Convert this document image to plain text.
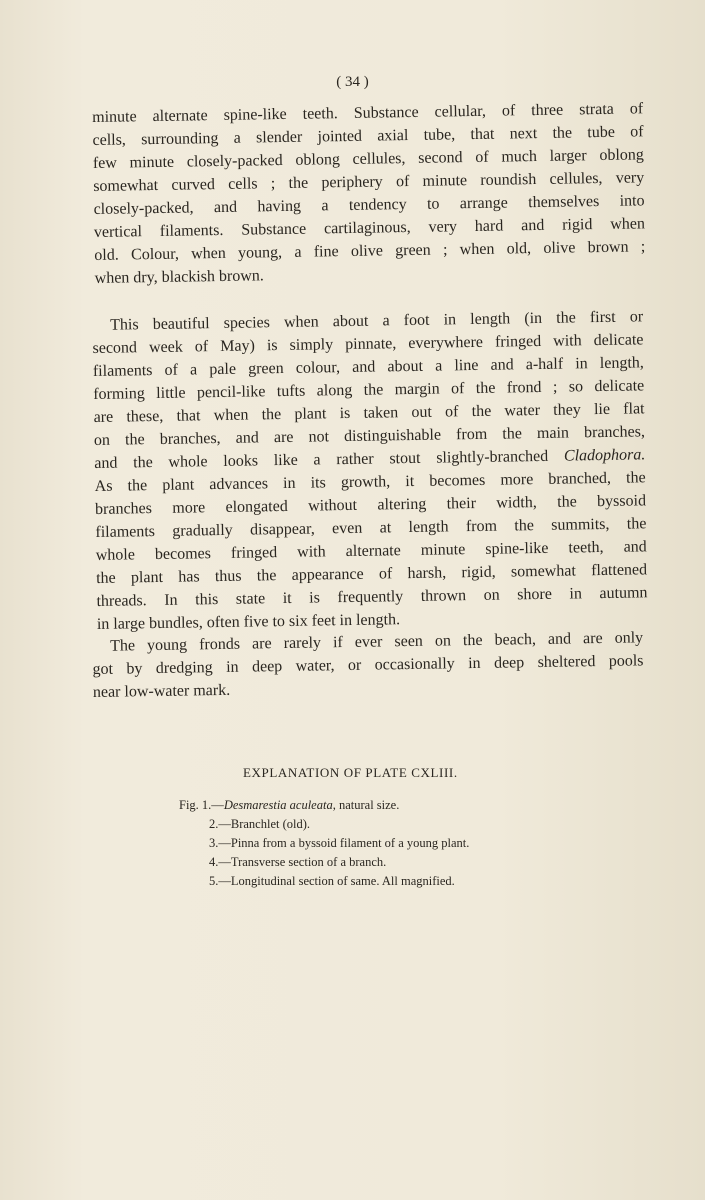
( 34 )
minute alternate spine-like teeth. Substance cellular, of three strata of
cells, surrounding a slender jointed axial tube, that next the tube of
few minute closely-packed oblong cellules, second of much larger oblong
somewhat curved cells ; the periphery of minute roundish cellules, very
closely-packed, and having a tendency to arrange themselves into
vertical filaments. Substance cartilaginous, very hard and rigid when
old. Colour, when young, a fine olive green ; when old, olive brown ;
when dry, blackish brown.
This beautiful species when about a foot in length (in the first or
second week of May) is simply pinnate, everywhere fringed with delicate
filaments of a pale green colour, and about a line and a-half in length,
forming little pencil-like tufts along the margin of the frond ; so delicate
are these, that when the plant is taken out of the water they lie flat
on the branches, and are not distinguishable from the main branches,
and the whole looks like a rather stout slightly-branched Cladophora.
As the plant advances in its growth, it becomes more branched, the
branches more elongated without altering their width, the byssoid
filaments gradually disappear, even at length from the summits, the
whole becomes fringed with alternate minute spine-like teeth, and
the plant has thus the appearance of harsh, rigid, somewhat flattened
threads. In this state it is frequently thrown on shore in autumn
in large bundles, often five to six feet in length.
The young fronds are rarely if ever seen on the beach, and are only
got by dredging in deep water, or occasionally in deep sheltered pools
near low-water mark.
EXPLANATION OF PLATE CXLIII.
Fig. 1.—Desmarestia aculeata, natural size.
2.—Branchlet (old).
3.—Pinna from a byssoid filament of a young plant.
4.—Transverse section of a branch.
5.—Longitudinal section of same. All magnified.
